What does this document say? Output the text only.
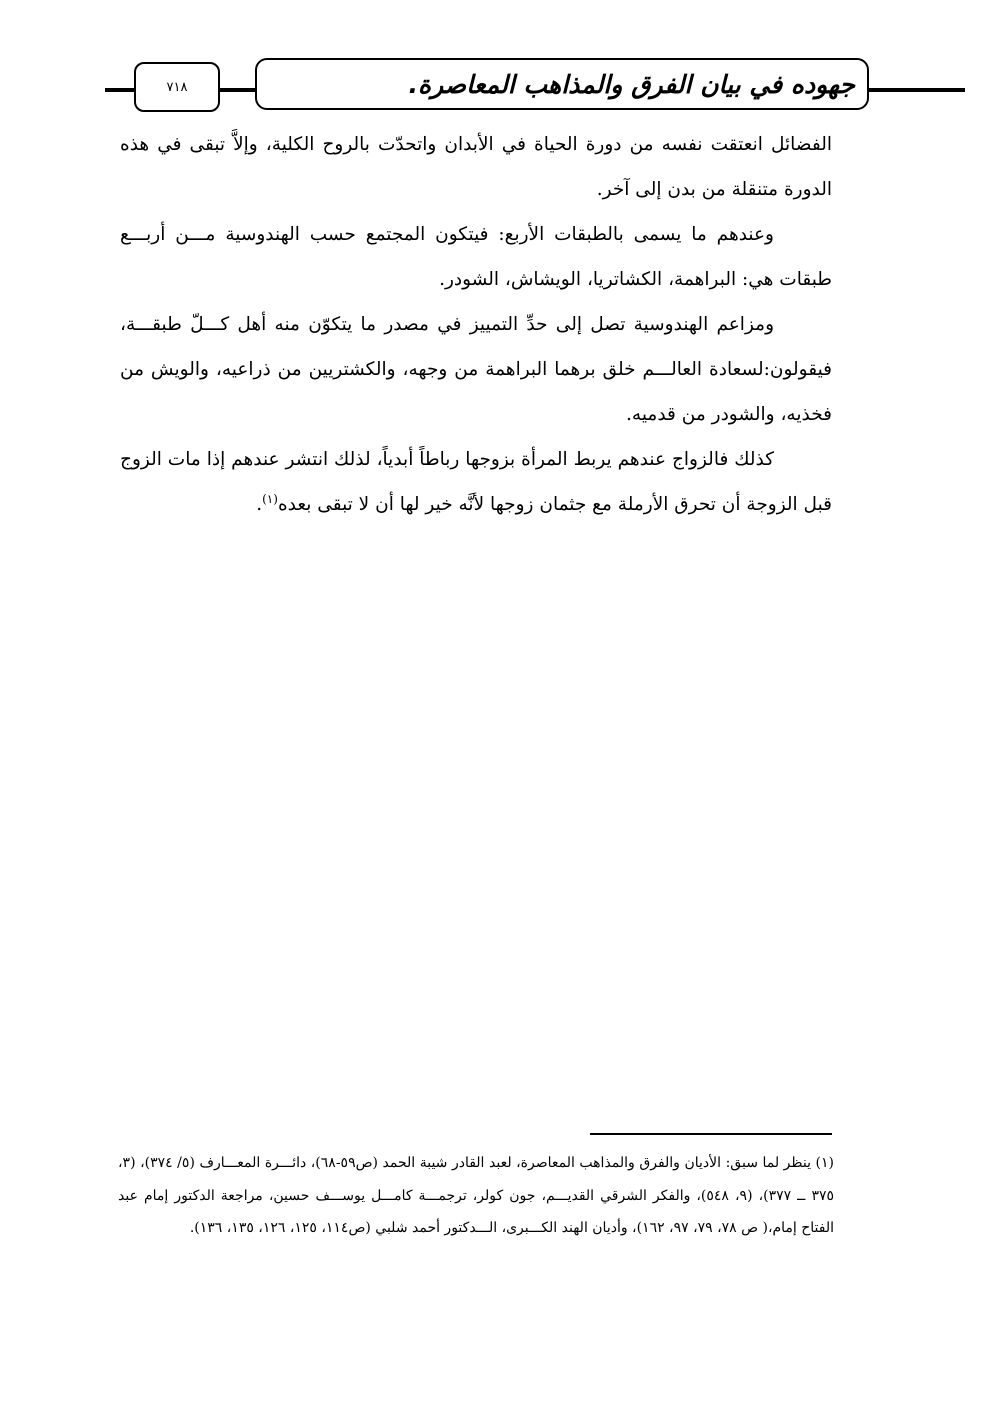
٧١٨	جهوده في بيان الفرق والمذاهب المعاصرة.

الفضائل انعتقت نفسه من دورة الحياة في الأبدان واتحدّت بالروح الكلية، وإلاَّ تبقى في هذه الدورة متنقلة من بدن إلى آخر.

وعندهم ما يسمى بالطبقات الأربع: فيتكون المجتمع حسب الهندوسية مـــن أربـــع طبقات هي: البراهمة، الكشاتريا، الويشاش، الشودر.

ومزاعم الهندوسية تصل إلى حدِّ التمييز في مصدر ما يتكوّن منه أهل كـــلّ طبقـــة، فيقولون:لسعادة العالـــم خلق برهما البراهمة من وجهه، والكشتريين من ذراعيه، والويش من فخذيه، والشودر من قدميه.

كذلك فالزواج عندهم يربط المرأة بزوجها رباطاً أبدياً، لذلك انتشر عندهم إذا مات الزوج قبل الزوجة أن تحرق الأرملة مع جثمان زوجها لأنَّه خير لها أن لا تبقى بعده$^{(١)}$.

(١) ينظر لما سبق: الأديان والفرق والمذاهب المعاصرة، لعبد القادر شيبة الحمد (ص٥٩-٦٨)، دائـــرة المعـــارف (٥/ ٣٧٤)، (٣، ٣٧٥ ــ ٣٧٧)، (٩، ٥٤٨)، والفكر الشرقي القديـــم، جون كولر، ترجمـــة كامـــل يوســـف حسين، مراجعة الدكتور إمام عبد الفتاح إمام،( ص ٧٨، ٧٩، ٩٧، ١٦٢)، وأديان الهند الكـــبرى، الـــدكتور أحمد شلبي (ص١١٤، ١٢٥، ١٢٦، ١٣٥، ١٣٦).
